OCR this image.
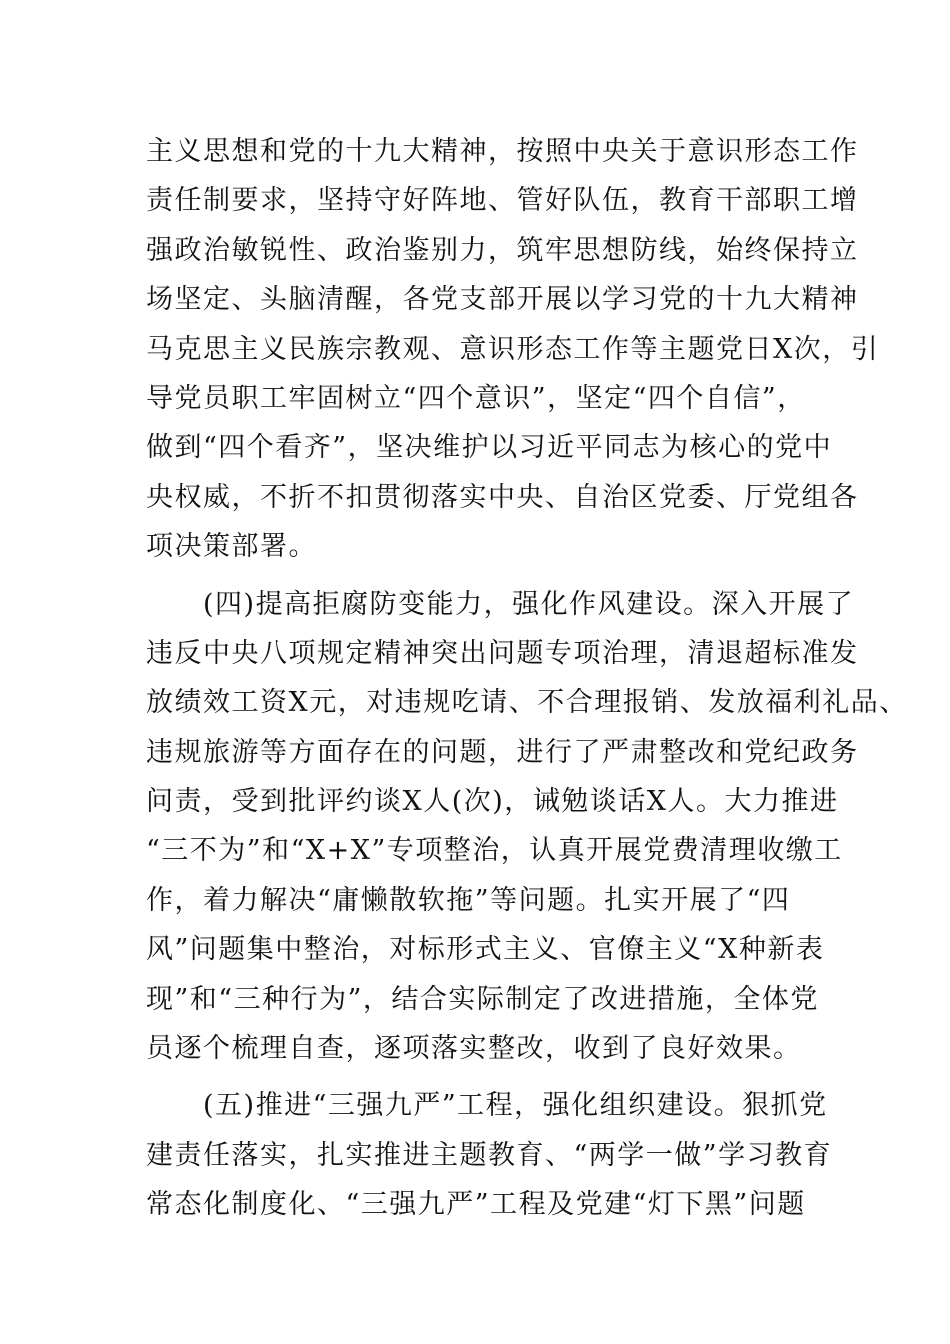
主义思想和党的十九大精神，按照中央关于意识形态工作
责任制要求，坚持守好阵地、管好队伍，教育干部职工增
强政治敏锐性、政治鉴别力，筑牢思想防线，始终保持立
场坚定、头脑清醒，各党支部开展以学习党的十九大精神
马克思主义民族宗教观、意识形态工作等主题党日X次，引
导党员职工牢固树立“四个意识”，坚定“四个自信”，
做到“四个看齐”，坚决维护以习近平同志为核心的党中
央权威，不折不扣贯彻落实中央、自治区党委、厅党组各
项决策部署。
　　(四)提高拒腐防变能力，强化作风建设。深入开展了
违反中央八项规定精神突出问题专项治理，清退超标准发
放绩效工资X元，对违规吃请、不合理报销、发放福利礼品、
违规旅游等方面存在的问题，进行了严肃整改和党纪政务
问责，受到批评约谈X人(次)，诫勉谈话X人。大力推进
“三不为”和“X+X”专项整治，认真开展党费清理收缴工
作，着力解决“庸懒散软拖”等问题。扎实开展了“四
风”问题集中整治，对标形式主义、官僚主义“X种新表
现”和“三种行为”，结合实际制定了改进措施，全体党
员逐个梳理自查，逐项落实整改，收到了良好效果。
　　(五)推进“三强九严”工程，强化组织建设。狠抓党
建责任落实，扎实推进主题教育、“两学一做”学习教育
常态化制度化、“三强九严”工程及党建“灯下黑”问题
